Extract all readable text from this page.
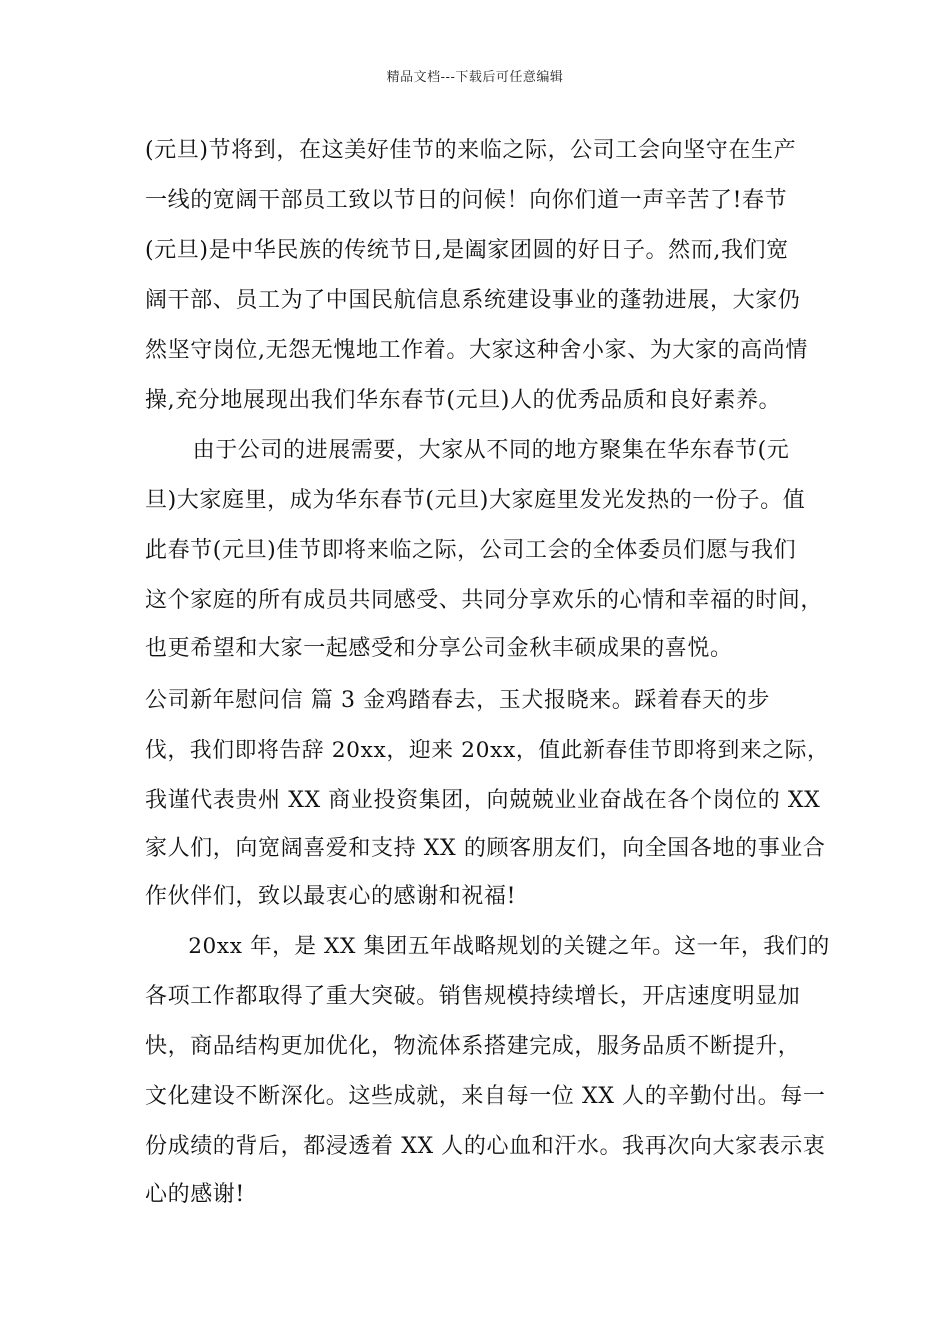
精品文档---下载后可任意编辑
(元旦)节将到，在这美好佳节的来临之际，公司工会向坚守在生产
一线的宽阔干部员工致以节日的问候！向你们道一声辛苦了!春节
(元旦)是中华民族的传统节日,是阖家团圆的好日子。然而,我们宽
阔干部、员工为了中国民航信息系统建设事业的蓬勃进展，大家仍
然坚守岗位,无怨无愧地工作着。大家这种舍小家、为大家的高尚情
操,充分地展现出我们华东春节(元旦)人的优秀品质和良好素养。
　由于公司的进展需要，大家从不同的地方聚集在华东春节(元
旦)大家庭里，成为华东春节(元旦)大家庭里发光发热的一份子。值
此春节(元旦)佳节即将来临之际，公司工会的全体委员们愿与我们
这个家庭的所有成员共同感受、共同分享欢乐的心情和幸福的时间，
也更希望和大家一起感受和分享公司金秋丰硕成果的喜悦。
公司新年慰问信 篇 3 金鸡踏春去，玉犬报晓来。踩着春天的步
伐，我们即将告辞 20xx，迎来 20xx，值此新春佳节即将到来之际，
我谨代表贵州 XX 商业投资集团，向兢兢业业奋战在各个岗位的 XX
家人们，向宽阔喜爱和支持 XX 的顾客朋友们，向全国各地的事业合
作伙伴们，致以最衷心的感谢和祝福!
　20xx 年，是 XX 集团五年战略规划的关键之年。这一年，我们的
各项工作都取得了重大突破。销售规模持续增长，开店速度明显加
快，商品结构更加优化，物流体系搭建完成，服务品质不断提升，
文化建设不断深化。这些成就，来自每一位 XX 人的辛勤付出。每一
份成绩的背后，都浸透着 XX 人的心血和汗水。我再次向大家表示衷
心的感谢!
